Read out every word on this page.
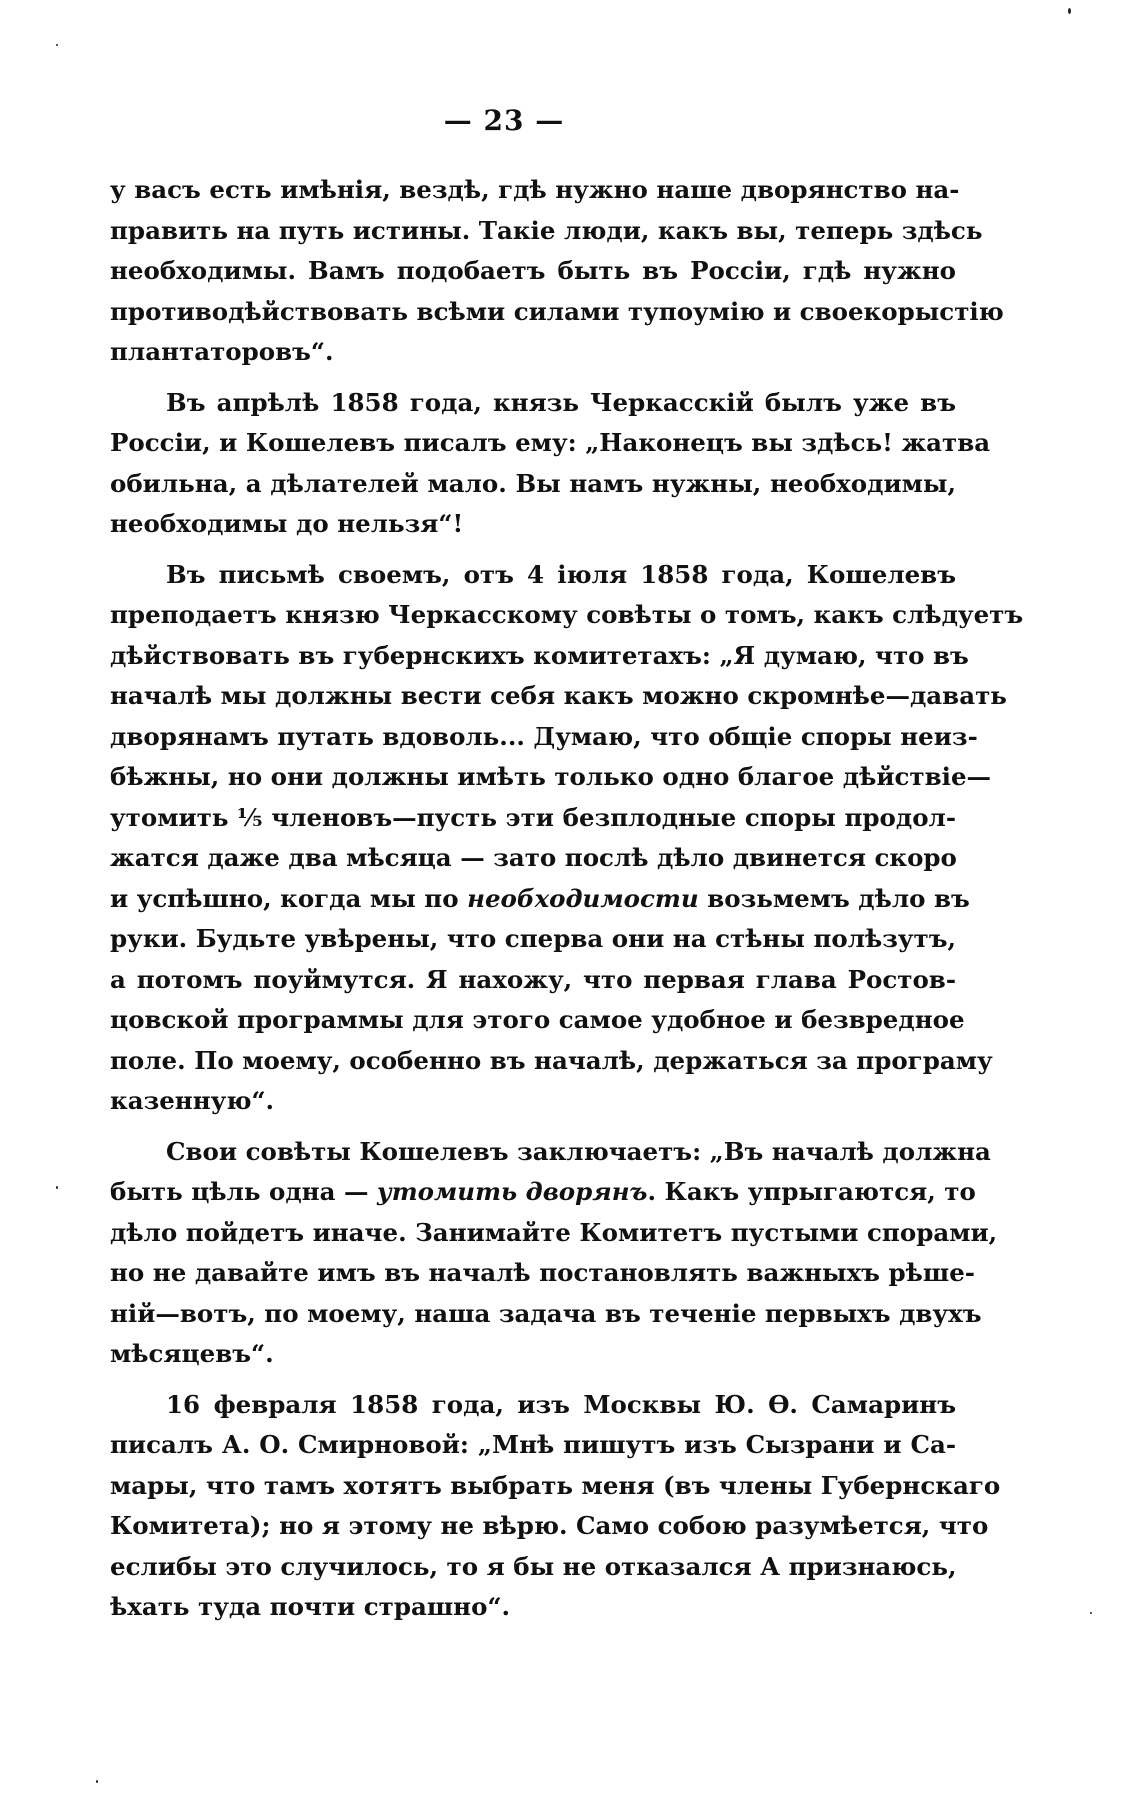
— 23 —
у васъ есть имѣнія, вездѣ, гдѣ нужно наше дворянство на-
править на путь истины. Такіе люди, какъ вы, теперь здѣсь
необходимы. Вамъ подобаетъ быть въ Россіи, гдѣ нужно
противодѣйствовать всѣми силами тупоумію и своекорыстію
плантаторовъ“.
Въ апрѣлѣ 1858 года, князь Черкасскій былъ уже въ
Россіи, и Кошелевъ писалъ ему: „Наконецъ вы здѣсь! жатва
обильна, а дѣлателей мало. Вы намъ нужны, необходимы,
необходимы до нельзя“!
Въ письмѣ своемъ, отъ 4 іюля 1858 года, Кошелевъ
преподаетъ князю Черкасскому совѣты о томъ, какъ слѣдуетъ
дѣйствовать въ губернскихъ комитетахъ: „Я думаю, что въ
началѣ мы должны вести себя какъ можно скромнѣе—давать
дворянамъ путать вдоволь... Думаю, что общіе споры неиз-
бѣжны, но они должны имѣть только одно благое дѣйствіе—
утомить ⅕ членовъ—пусть эти безплодные споры продол-
жатся даже два мѣсяца — зато послѣ дѣло двинется скоро
и успѣшно, когда мы по необходимости возьмемъ дѣло въ
руки. Будьте увѣрены, что сперва они на стѣны полѣзутъ,
а потомъ поуймутся. Я нахожу, что первая глава Ростов-
цовской программы для этого самое удобное и безвредное
поле. По моему, особенно въ началѣ, держаться за програму
казенную“.
Свои совѣты Кошелевъ заключаетъ: „Въ началѣ должна
быть цѣль одна — утомить дворянъ. Какъ упрыгаются, то
дѣло пойдетъ иначе. Занимайте Комитетъ пустыми спорами,
но не давайте имъ въ началѣ постановлять важныхъ рѣше-
ній—вотъ, по моему, наша задача въ теченіе первыхъ двухъ
мѣсяцевъ“.
16 февраля 1858 года, изъ Москвы Ю. Ѳ. Самаринъ
писалъ А. О. Смирновой: „Мнѣ пишутъ изъ Сызрани и Са-
мары, что тамъ хотятъ выбрать меня (въ члены Губернскаго
Комитета); но я этому не вѣрю. Само собою разумѣется, что
еслибы это случилось, то я бы не отказался А признаюсь,
ѣхать туда почти страшно“.
